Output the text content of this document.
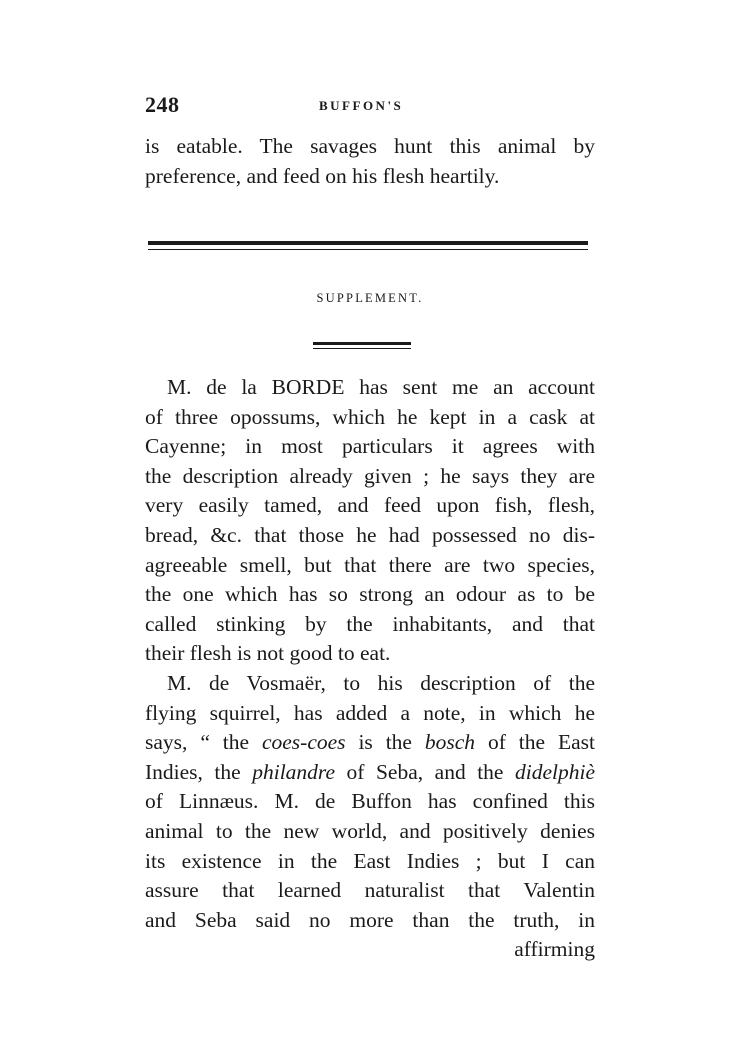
248	BUFFON'S
is eatable. The savages hunt this animal by
preference, and feed on his flesh heartily.
SUPPLEMENT.
M. de la BORDE has sent me an account
of three opossums, which he kept in a cask at
Cayenne; in most particulars it agrees with
the description already given ; he says they are
very easily tamed, and feed upon fish, flesh,
bread, &c. that those he had possessed no dis-
agreeable smell, but that there are two species,
the one which has so strong an odour as to be
called stinking by the inhabitants, and that
their flesh is not good to eat.
M. de Vosmaër, to his description of the
flying squirrel, has added a note, in which he
says, “ the coes-coes is the bosch of the East
Indies, the philandre of Seba, and the didelphiè
of Linnæus. M. de Buffon has confined this
animal to the new world, and positively denies
its existence in the East Indies ; but I can
assure that learned naturalist that Valentin
and Seba said no more than the truth, in
affirming
